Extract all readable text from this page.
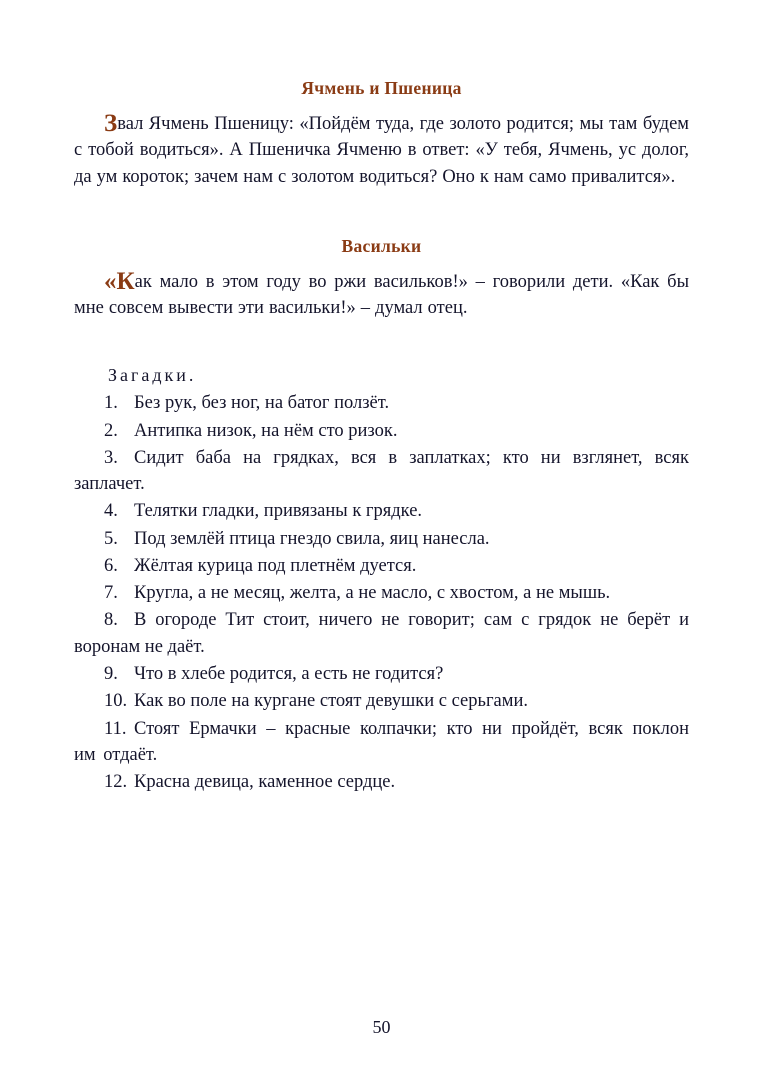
Ячмень и Пшеница

Звал Ячмень Пшеницу: «Пойдём туда, где золото родится; мы там будем с тобой водиться». А Пшеничка Ячменю в ответ: «У тебя, Ячмень, ус долог, да ум короток; зачем нам с золотом водиться? Оно к нам само привалится».

Васильки

«Как мало в этом году во ржи васильков!» – говорили дети. «Как бы мне совсем вывести эти васильки!» – думал отец.

Загадки.
1. Без рук, без ног, на батог ползёт.
2. Антипка низок, на нём сто ризок.
3. Сидит баба на грядках, вся в заплатках; кто ни взглянет, всяк заплачет.
4. Телятки гладки, привязаны к грядке.
5. Под землёй птица гнездо свила, яиц нанесла.
6. Жёлтая курица под плетнём дуется.
7. Кругла, а не месяц, желта, а не масло, с хвостом, а не мышь.
8. В огороде Тит стоит, ничего не говорит; сам с грядок не берёт и воронам не даёт.
9. Что в хлебе родится, а есть не годится?
10. Как во поле на кургане стоят девушки с серьгами.
11. Стоят Ермачки – красные колпачки; кто ни пройдёт, всяк поклон им отдаёт.
12. Красна девица, каменное сердце.
50
